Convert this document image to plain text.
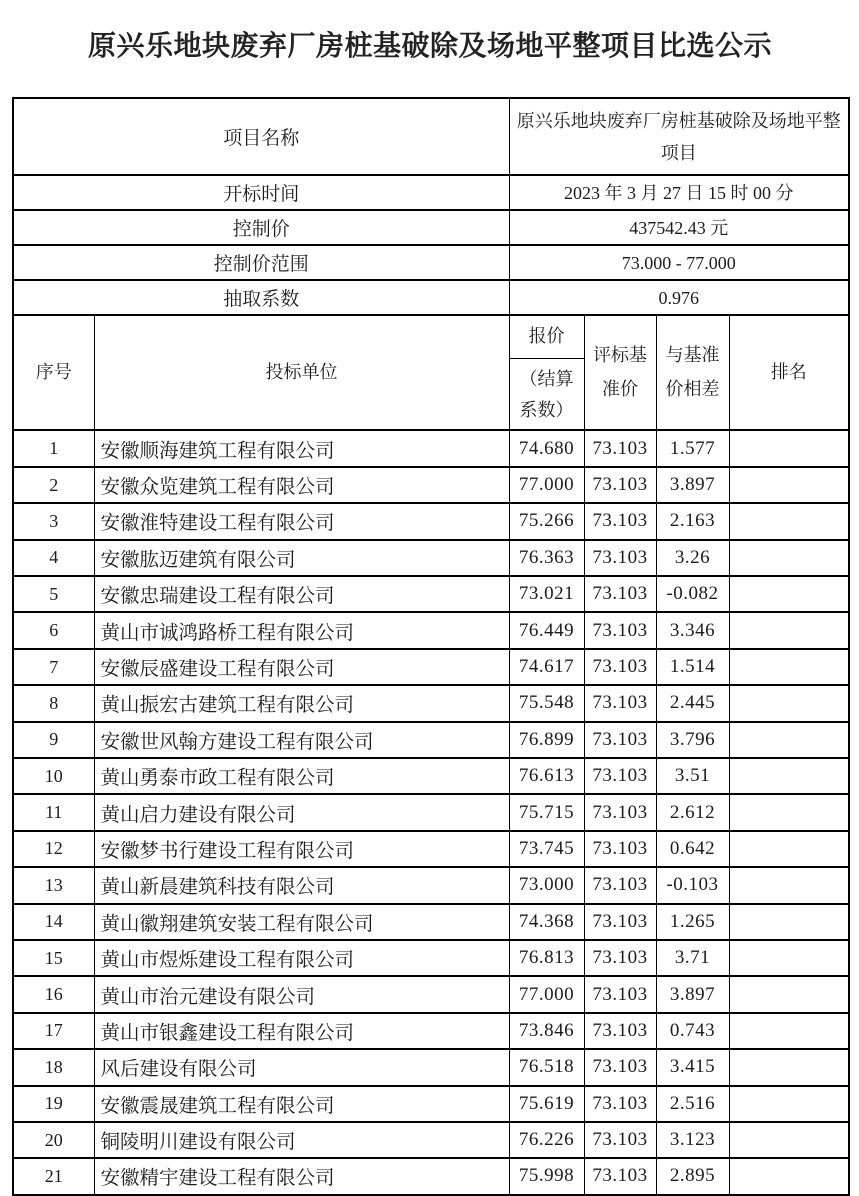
原兴乐地块废弃厂房桩基破除及场地平整项目比选公示
项目名称		原兴乐地块废弃厂房桩基破除及场地平整项目			
开标时间		2023 年 3 月 27 日 15 时 00 分			
控制价		437542.43 元			
控制价范围		73.000 - 77.000			
抽取系数		0.976			
序号	投标单位	报价
（结算系数）	评标基准价	与基准价相差	排名
1	安徽顺海建筑工程有限公司	74.680	73.103	1.577	
2	安徽众览建筑工程有限公司	77.000	73.103	3.897	
3	安徽淮特建设工程有限公司	75.266	73.103	2.163	
4	安徽肱迈建筑有限公司	76.363	73.103	3.26	
5	安徽忠瑞建设工程有限公司	73.021	73.103	-0.082	
6	黄山市诚鸿路桥工程有限公司	76.449	73.103	3.346	
7	安徽辰盛建设工程有限公司	74.617	73.103	1.514	
8	黄山振宏古建筑工程有限公司	75.548	73.103	2.445	
9	安徽世风翰方建设工程有限公司	76.899	73.103	3.796	
10	黄山勇泰市政工程有限公司	76.613	73.103	3.51	
11	黄山启力建设有限公司	75.715	73.103	2.612	
12	安徽梦书行建设工程有限公司	73.745	73.103	0.642	
13	黄山新晨建筑科技有限公司	73.000	73.103	-0.103	
14	黄山徽翔建筑安装工程有限公司	74.368	73.103	1.265	
15	黄山市煜烁建设工程有限公司	76.813	73.103	3.71	
16	黄山市治元建设有限公司	77.000	73.103	3.897	
17	黄山市银鑫建设工程有限公司	73.846	73.103	0.743	
18	风后建设有限公司	76.518	73.103	3.415	
19	安徽震晟建筑工程有限公司	75.619	73.103	2.516	
20	铜陵明川建设有限公司	76.226	73.103	3.123	
21	安徽精宇建设工程有限公司	75.998	73.103	2.895	
